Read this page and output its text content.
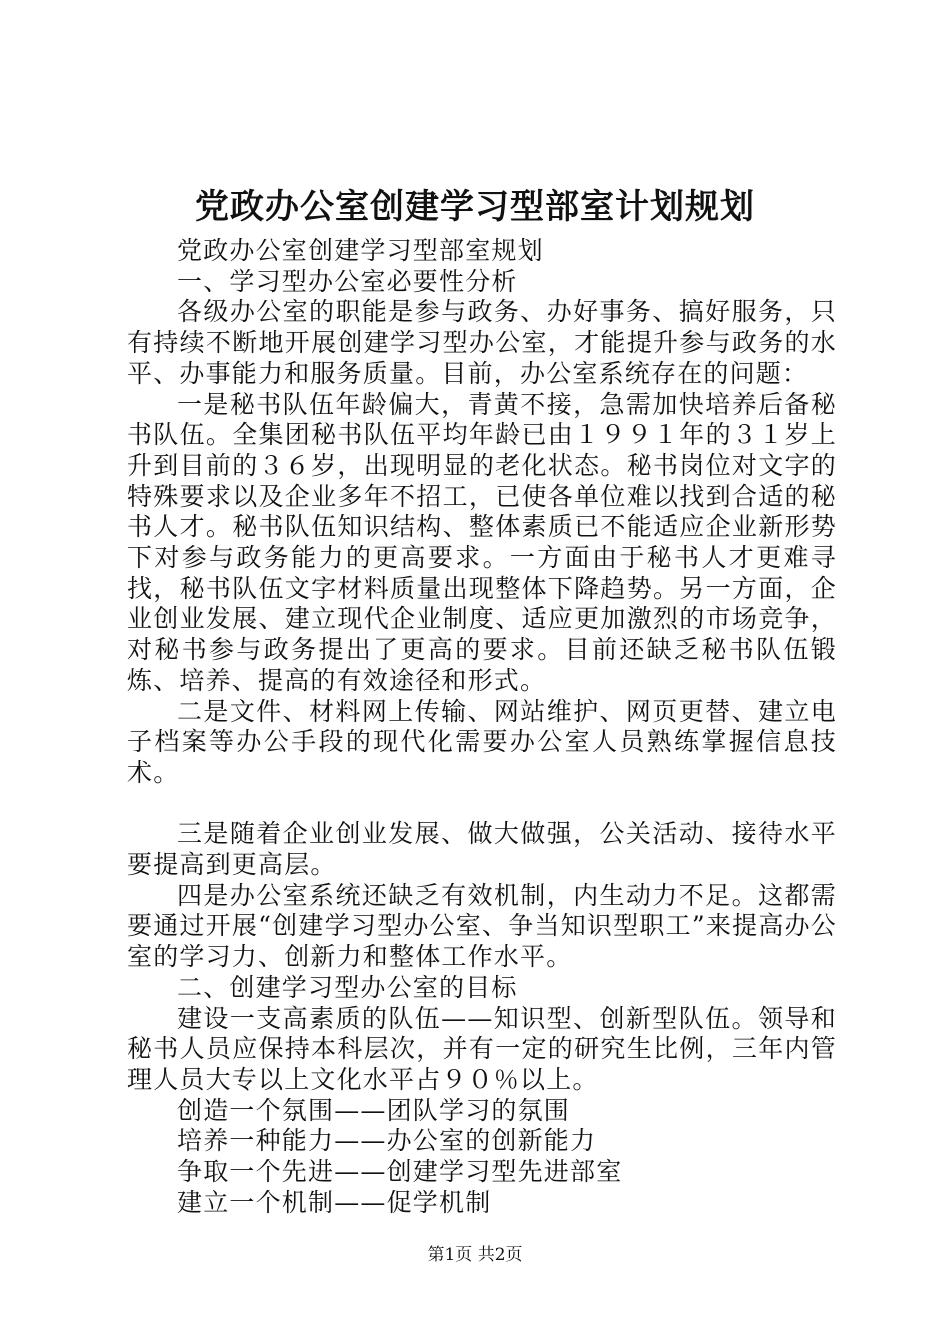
党政办公室创建学习型部室计划规划

党政办公室创建学习型部室规划

一、学习型办公室必要性分析

各级办公室的职能是参与政务、办好事务、搞好服务，只有持续不断地开展创建学习型办公室，才能提升参与政务的水平、办事能力和服务质量。目前，办公室系统存在的问题：

一是秘书队伍年龄偏大，青黄不接，急需加快培养后备秘书队伍。全集团秘书队伍平均年龄已由１９９１年的３１岁上升到目前的３６岁，出现明显的老化状态。秘书岗位对文字的特殊要求以及企业多年不招工，已使各单位难以找到合适的秘书人才。秘书队伍知识结构、整体素质已不能适应企业新形势下对参与政务能力的更高要求。一方面由于秘书人才更难寻找，秘书队伍文字材料质量出现整体下降趋势。另一方面，企业创业发展、建立现代企业制度、适应更加激烈的市场竞争，对秘书参与政务提出了更高的要求。目前还缺乏秘书队伍锻炼、培养、提高的有效途径和形式。

二是文件、材料网上传输、网站维护、网页更替、建立电子档案等办公手段的现代化需要办公室人员熟练掌握信息技术。

三是随着企业创业发展、做大做强，公关活动、接待水平要提高到更高层。

四是办公室系统还缺乏有效机制，内生动力不足。这都需要通过开展“创建学习型办公室、争当知识型职工”来提高办公室的学习力、创新力和整体工作水平。

二、创建学习型办公室的目标

建设一支高素质的队伍——知识型、创新型队伍。领导和秘书人员应保持本科层次，并有一定的研究生比例，三年内管理人员大专以上文化水平占９０％以上。

创造一个氛围——团队学习的氛围

培养一种能力——办公室的创新能力

争取一个先进——创建学习型先进部室

建立一个机制——促学机制

第1页 共2页
